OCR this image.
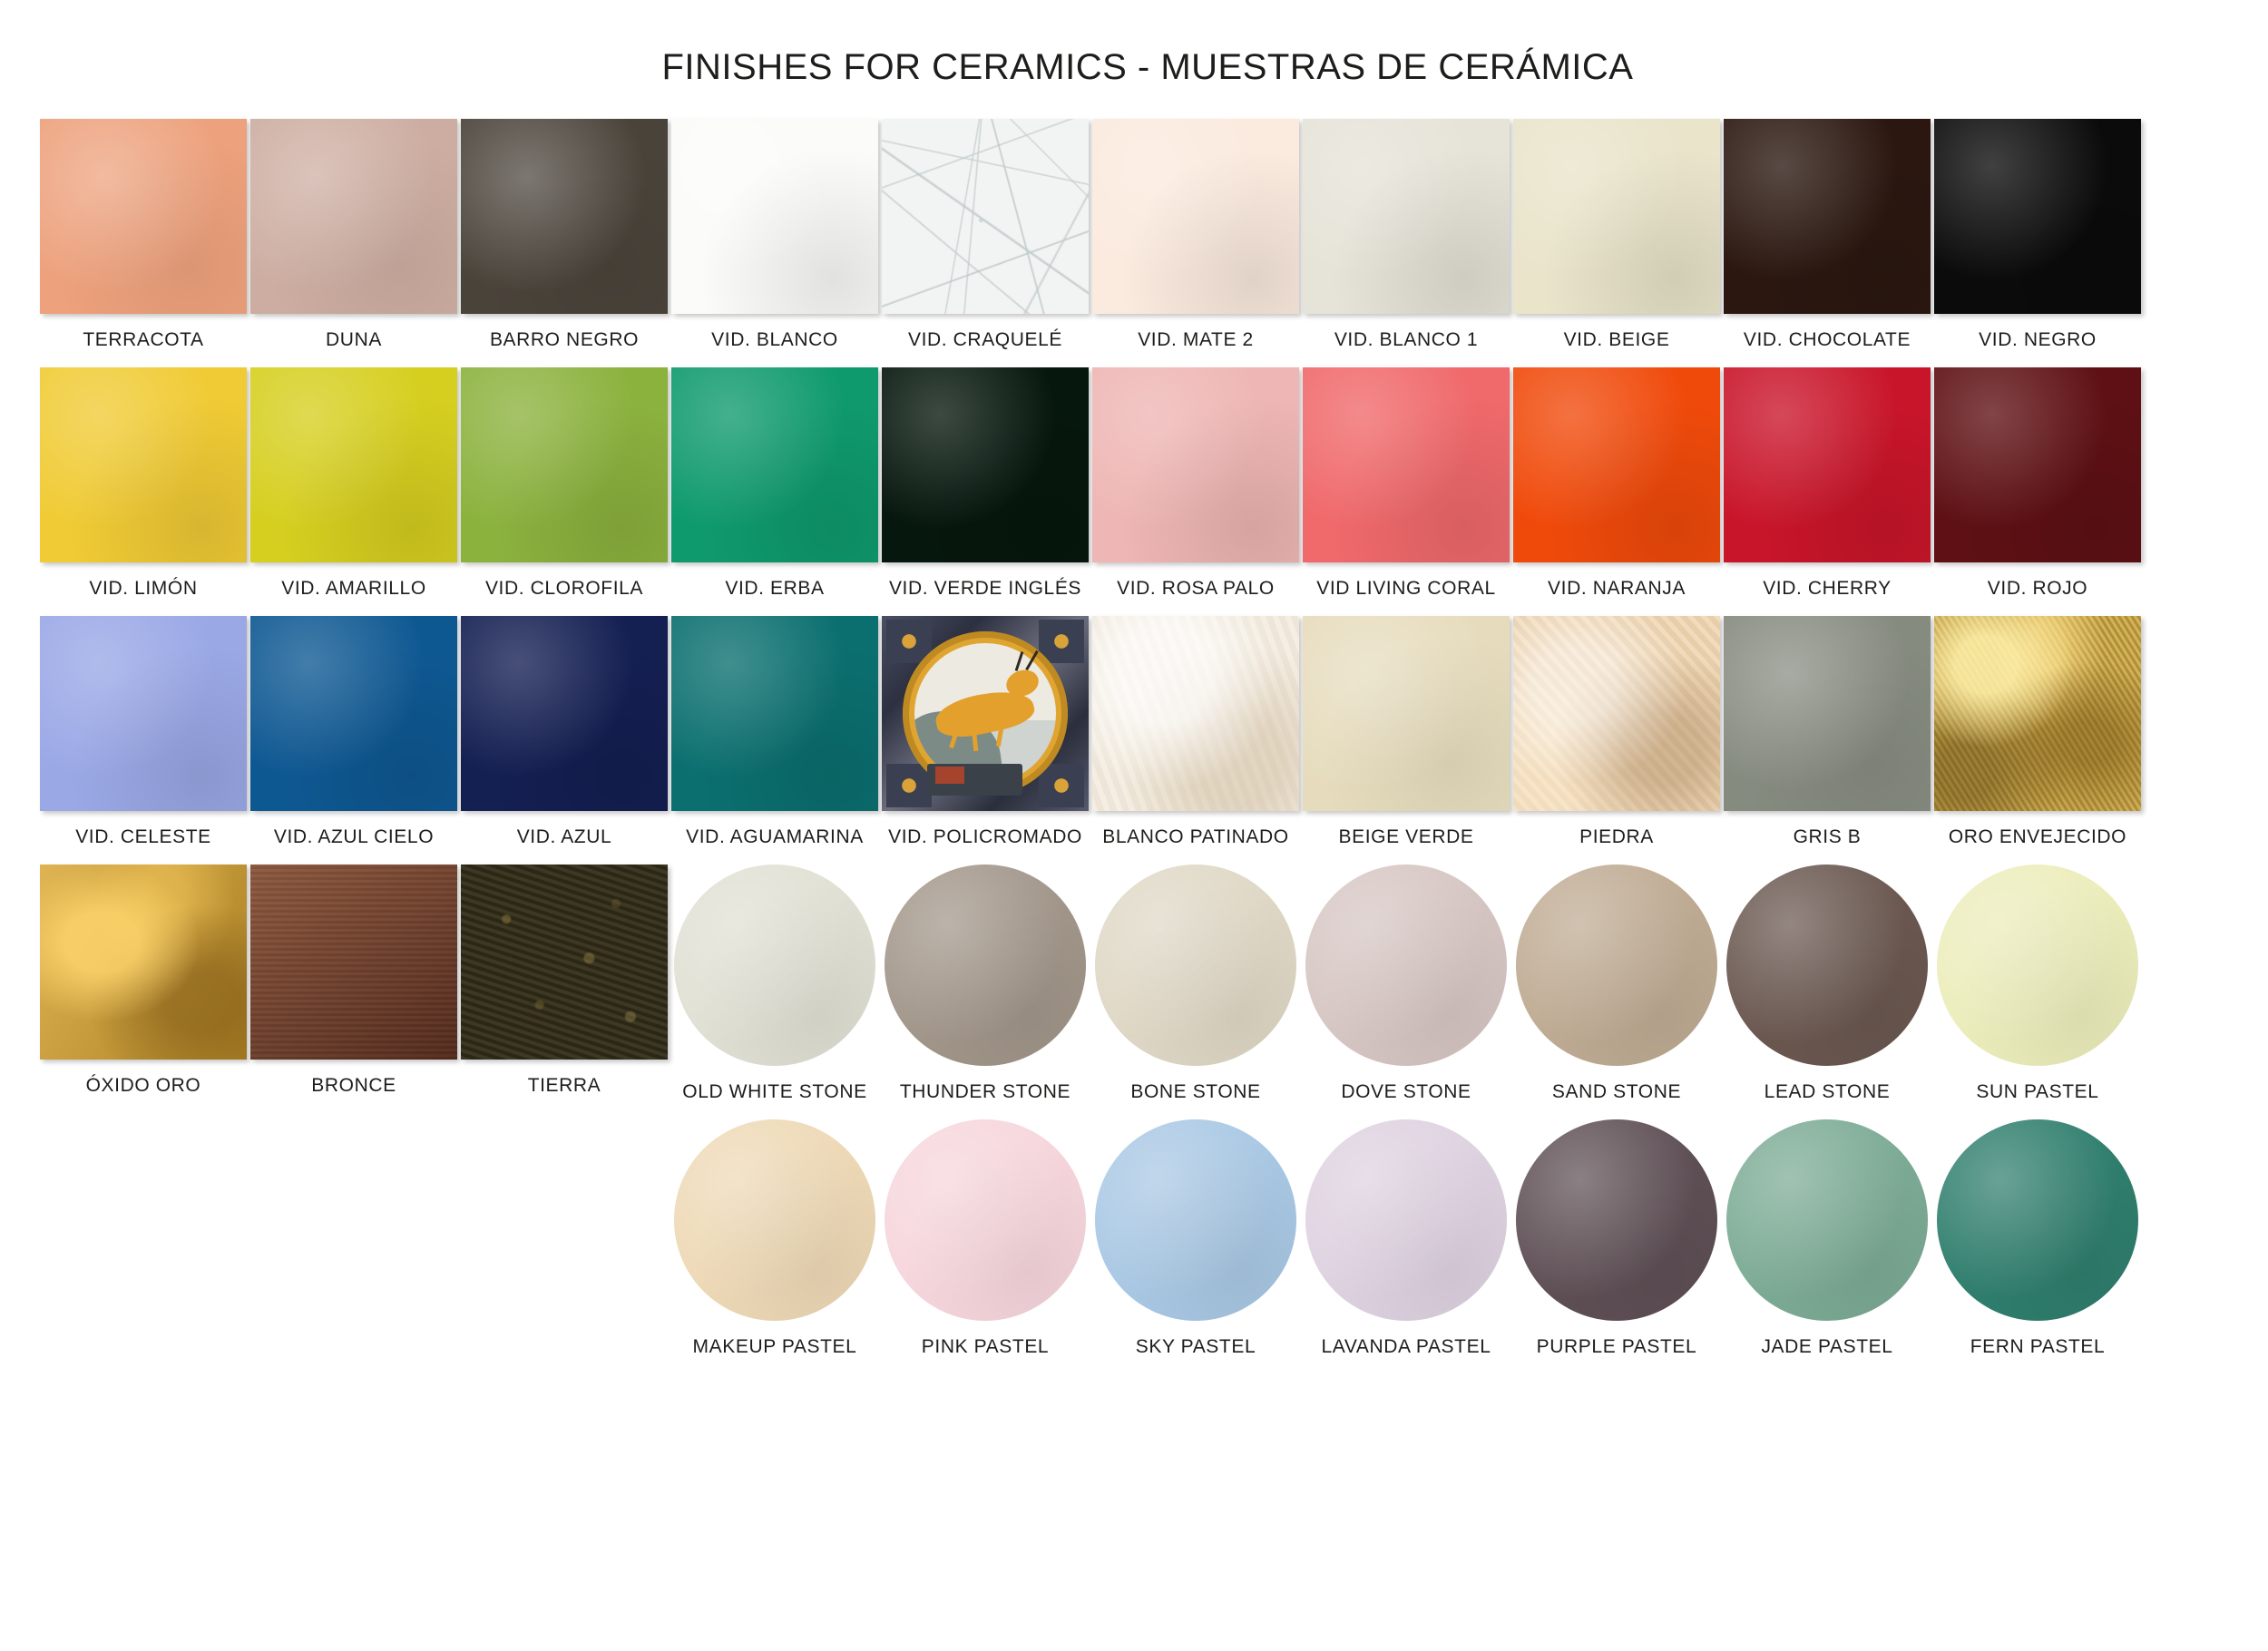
FINISHES FOR CERAMICS - MUESTRAS DE CERÁMICA
TERRACOTA	DUNA	BARRO NEGRO	VID. BLANCO	VID. CRAQUELÉ	VID. MATE 2	VID. BLANCO 1	VID. BEIGE	VID. CHOCOLATE	VID. NEGRO
VID. LIMÓN	VID. AMARILLO	VID. CLOROFILA	VID. ERBA	VID. VERDE INGLÉS VID. ROSA PALO VID LIVING CORAL	VID. NARANJA	VID. CHERRY	VID. ROJO
VID. CELESTE	VID. AZUL CIELO	VID. AZUL	VID. AGUAMARINA VID. POLICROMADO BLANCO PATINADO	BEIGE VERDE	PIEDRA	GRIS B	ORO ENVEJECIDO
ÓXIDO ORO	BRONCE	TIERRA	OLD WHITE STONE THUNDER STONE	BONE STONE	DOVE STONE	SAND STONE	LEAD STONE	SUN PASTEL
MAKEUP PASTEL	PINK PASTEL	SKY PASTEL	LAVANDA PASTEL PURPLE PASTEL	JADE PASTEL	FERN PASTEL
